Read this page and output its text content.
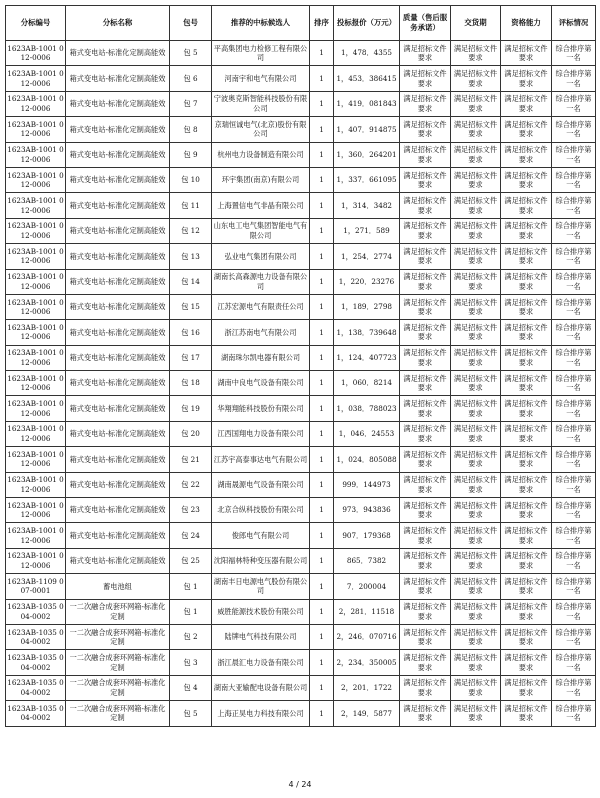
分标编号	分标名称	包号	推荐的中标候选人	排序	投标报价（万元）	质量（售后服务承诺）	交货期	资格能力	评标情况
1623AB-1001 012-0006	箱式变电站-标准化定制高能效	包 5	平高集团电力检修工程有限公司	1	1，478．4355	满足招标文件要求	满足招标文件要求	满足招标文件要求	综合排序第一名
1623AB-1001 012-0006	箱式变电站-标准化定制高能效	包 6	河南宇和电气有限公司	1	1，453．386415	满足招标文件要求	满足招标文件要求	满足招标文件要求	综合排序第一名
1623AB-1001 012-0006	箱式变电站-标准化定制高能效	包 7	宁波奥克斯智能科技股份有限公司	1	1，419．081843	满足招标文件要求	满足招标文件要求	满足招标文件要求	综合排序第一名
1623AB-1001 012-0006	箱式变电站-标准化定制高能效	包 8	京瑞恒诚电气(北京)股份有限公司	1	1，407．914875	满足招标文件要求	满足招标文件要求	满足招标文件要求	综合排序第一名
1623AB-1001 012-0006	箱式变电站-标准化定制高能效	包 9	杭州电力设备制造有限公司	1	1，360．264201	满足招标文件要求	满足招标文件要求	满足招标文件要求	综合排序第一名
1623AB-1001 012-0006	箱式变电站-标准化定制高能效	包 10	环宇集团(南京)有限公司	1	1，337．661095	满足招标文件要求	满足招标文件要求	满足招标文件要求	综合排序第一名
1623AB-1001 012-0006	箱式变电站-标准化定制高能效	包 11	上海置信电气非晶有限公司	1	1，314．3482	满足招标文件要求	满足招标文件要求	满足招标文件要求	综合排序第一名
1623AB-1001 012-0006	箱式变电站-标准化定制高能效	包 12	山东电工电气集团智能电气有限公司	1	1，271．589	满足招标文件要求	满足招标文件要求	满足招标文件要求	综合排序第一名
1623AB-1001 012-0006	箱式变电站-标准化定制高能效	包 13	弘业电气集团有限公司	1	1，254．2774	满足招标文件要求	满足招标文件要求	满足招标文件要求	综合排序第一名
1623AB-1001 012-0006	箱式变电站-标准化定制高能效	包 14	湖南长高森源电力设备有限公司	1	1，220．23276	满足招标文件要求	满足招标文件要求	满足招标文件要求	综合排序第一名
1623AB-1001 012-0006	箱式变电站-标准化定制高能效	包 15	江苏宏源电气有限责任公司	1	1，189．2798	满足招标文件要求	满足招标文件要求	满足招标文件要求	综合排序第一名
1623AB-1001 012-0006	箱式变电站-标准化定制高能效	包 16	浙江苏南电气有限公司	1	1，138．739648	满足招标文件要求	满足招标文件要求	满足招标文件要求	综合排序第一名
1623AB-1001 012-0006	箱式变电站-标准化定制高能效	包 17	湖南珠尔凯电器有限公司	1	1，124．407723	满足招标文件要求	满足招标文件要求	满足招标文件要求	综合排序第一名
1623AB-1001 012-0006	箱式变电站-标准化定制高能效	包 18	湖南中良电气设备有限公司	1	1，060．8214	满足招标文件要求	满足招标文件要求	满足招标文件要求	综合排序第一名
1623AB-1001 012-0006	箱式变电站-标准化定制高能效	包 19	华翔翔能科技股份有限公司	1	1，038．788023	满足招标文件要求	满足招标文件要求	满足招标文件要求	综合排序第一名
1623AB-1001 012-0006	箱式变电站-标准化定制高能效	包 20	江西国翔电力设备有限公司	1	1，046．24553	满足招标文件要求	满足招标文件要求	满足招标文件要求	综合排序第一名
1623AB-1001 012-0006	箱式变电站-标准化定制高能效	包 21	江苏宇高泰事达电气有限公司	1	1，024．805088	满足招标文件要求	满足招标文件要求	满足招标文件要求	综合排序第一名
1623AB-1001 012-0006	箱式变电站-标准化定制高能效	包 22	湖南晟源电气设备有限公司	1	999．144973	满足招标文件要求	满足招标文件要求	满足招标文件要求	综合排序第一名
1623AB-1001 012-0006	箱式变电站-标准化定制高能效	包 23	北京合纵科技股份有限公司	1	973．943836	满足招标文件要求	满足招标文件要求	满足招标文件要求	综合排序第一名
1623AB-1001 012-0006	箱式变电站-标准化定制高能效	包 24	俊郎电气有限公司	1	907．179368	满足招标文件要求	满足招标文件要求	满足招标文件要求	综合排序第一名
1623AB-1001 012-0006	箱式变电站-标准化定制高能效	包 25	沈阳福林特种变压器有限公司	1	865．7382	满足招标文件要求	满足招标文件要求	满足招标文件要求	综合排序第一名
1623AB-1109 007-0001	蓄电池组	包 1	湖南丰日电源电气股份有限公司	1	7．200004	满足招标文件要求	满足招标文件要求	满足招标文件要求	综合排序第一名
1623AB-1035 004-0002	一二次融合成套环网箱-标准化定制	包 1	威胜能源技术股份有限公司	1	2，281．11518	满足招标文件要求	满足招标文件要求	满足招标文件要求	综合排序第一名
1623AB-1035 004-0002	一二次融合成套环网箱-标准化定制	包 2	陆牌电气科技有限公司	1	2，246．070716	满足招标文件要求	满足招标文件要求	满足招标文件要求	综合排序第一名
1623AB-1035 004-0002	一二次融合成套环网箱-标准化定制	包 3	浙江晨汇电力设备有限公司	1	2，234．350005	满足招标文件要求	满足招标文件要求	满足招标文件要求	综合排序第一名
1623AB-1035 004-0002	一二次融合成套环网箱-标准化定制	包 4	湖南大亚输配电设备有限公司	1	2，201．1722	满足招标文件要求	满足招标文件要求	满足招标文件要求	综合排序第一名
1623AB-1035 004-0002	一二次融合成套环网箱-标准化定制	包 5	上海正昊电力科技有限公司	1	2，149．5877	满足招标文件要求	满足招标文件要求	满足招标文件要求	综合排序第一名
4 / 24
